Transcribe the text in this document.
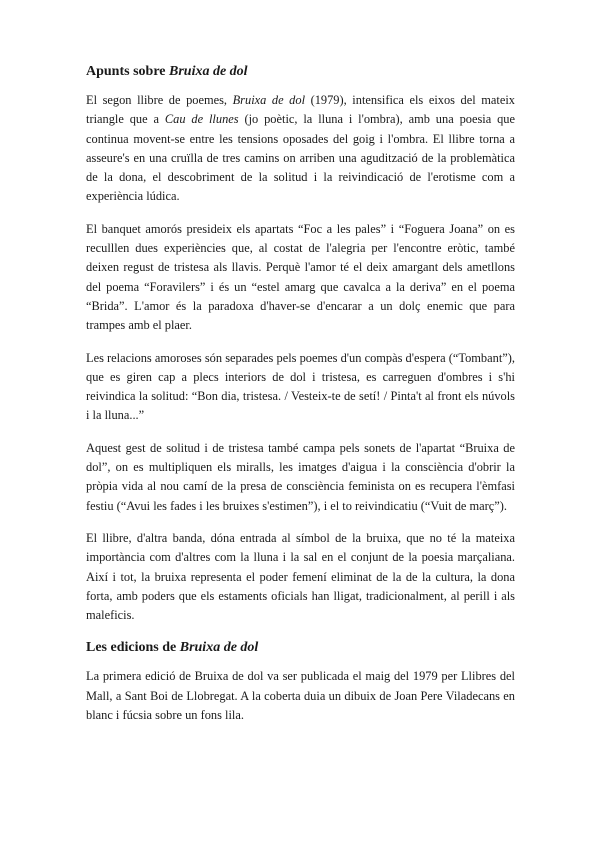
Apunts sobre Bruixa de dol

El segon llibre de poemes, Bruixa de dol (1979), intensifica els eixos del mateix triangle que a Cau de llunes (jo poètic, la lluna i l'ombra), amb una poesia que continua movent-se entre les tensions oposades del goig i l'ombra. El llibre torna a asseure's en una cruïlla de tres camins on arriben una agudització de la problemàtica de la dona, el descobriment de la solitud i la reivindicació de l'erotisme com a experiència lúdica.

El banquet amorós presideix els apartats “Foc a les pales” i “Foguera Joana” on es reculllen dues experiències que, al costat de l'alegria per l'encontre eròtic, també deixen regust de tristesa als llavis. Perquè l'amor té el deix amargant dels ametllons del poema “Foravilers” i és un “estel amarg que cavalca a la deriva” en el poema “Brida”. L'amor és la paradoxa d'haver-se d'encarar a un dolç enemic que para trampes amb el plaer.

Les relacions amoroses són separades pels poemes d'un compàs d'espera (“Tombant”), que es giren cap a plecs interiors de dol i tristesa, es carreguen d'ombres i s'hi reivindica la solitud: “Bon dia, tristesa. / Vesteix-te de setí! / Pinta't al front els núvols i la lluna...”

Aquest gest de solitud i de tristesa també campa pels sonets de l'apartat “Bruixa de dol”, on es multipliquen els miralls, les imatges d'aigua i la consciència d'obrir la pròpia vida al nou camí de la presa de consciència feminista on es recupera l'èmfasi festiu (“Avui les fades i les bruixes s'estimen”), i el to reivindicatiu (“Vuit de març”).

El llibre, d'altra banda, dóna entrada al símbol de la bruixa, que no té la mateixa importància com d'altres com la lluna i la sal en el conjunt de la poesia marçaliana. Així i tot, la bruixa representa el poder femení eliminat de la de la cultura, la dona forta, amb poders que els estaments oficials han lligat, tradicionalment, al perill i als maleficis.

Les edicions de Bruixa de dol

La primera edició de Bruixa de dol va ser publicada el maig del 1979 per Llibres del Mall, a Sant Boi de Llobregat. A la coberta duia un dibuix de Joan Pere Viladecans en blanc i fúcsia sobre un fons lila.
